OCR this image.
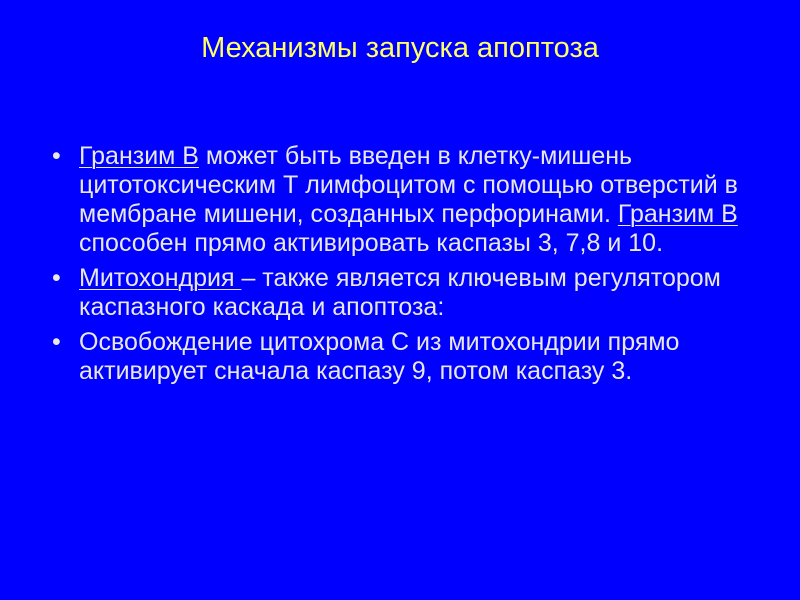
Механизмы запуска апоптоза
• Гранзим В может быть введен в клетку-мишень цитотоксическим Т лимфоцитом с помощью отверстий в мембране мишени, созданных перфоринами. Гранзим В способен прямо активировать каспазы 3, 7,8 и 10.
• Митохондрия – также является ключевым регулятором каспазного каскада и апоптоза:
• Освобождение цитохрома С из митохондрии прямо активирует сначала каспазу 9, потом каспазу 3.
